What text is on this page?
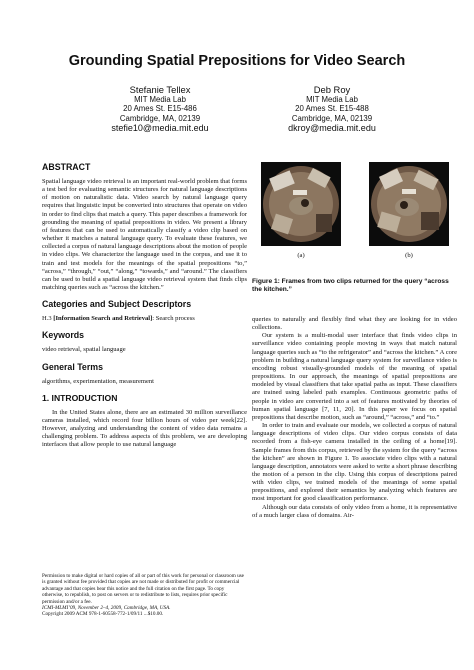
Grounding Spatial Prepositions for Video Search
Stefanie Tellex
MIT Media Lab
20 Ames St. E15-486
Cambridge, MA, 02139
stefie10@media.mit.edu
Deb Roy
MIT Media Lab
20 Ames St. E15-488
Cambridge, MA, 02139
dkroy@media.mit.edu
ABSTRACT

Spatial language video retrieval is an important real-world problem that forms a test bed for evaluating semantic structures for natural language descriptions of motion on naturalistic data. Video search by natural language query requires that linguistic input be converted into structures that operate on video in order to find clips that match a query. This paper describes a framework for grounding the meaning of spatial prepositions in video. We present a library of features that can be used to automatically classify a video clip based on whether it matches a natural language query. To evaluate these features, we collected a corpus of natural language descriptions about the motion of people in video clips. We characterize the language used in the corpus, and use it to train and test models for the meanings of the spatial prepositions “to,” “across,” “through,” “out,” “along,” “towards,” and “around.” The classifiers can be used to build a spatial language video retrieval system that finds clips matching queries such as “across the kitchen.”

Categories and Subject Descriptors

H.3 [Information Search and Retrieval]: Search process

Keywords

video retrieval, spatial language

General Terms

algorithms, experimentation, measurement

1. INTRODUCTION

In the United States alone, there are an estimated 30 million surveillance cameras installed, which record four billion hours of video per week[22]. However, analyzing and understanding the content of video data remains a challenging problem. To address aspects of this problem, we are developing interfaces that allow people to use natural language

Permission to make digital or hard copies of all or part of this work for personal or classroom use is granted without fee provided that copies are not made or distributed for profit or commercial advantage and that copies bear this notice and the full citation on the first page. To copy otherwise, to republish, to post on servers or to redistribute to lists, requires prior specific permission and/or a fee.

ICMI-MLMI’09, November 2–4, 2009, Cambridge, MA, USA.

Copyright 2009 ACM 978-1-60558-772-1/09/11 ...$10.00.

(a)	(b)
Figure 1: Frames from two clips returned for the query “across the kitchen.”

queries to naturally and flexibly find what they are looking for in video collections.

Our system is a multi-modal user interface that finds video clips in surveillance video containing people moving in ways that match natural language queries such as “to the refrigerator” and “across the kitchen.” A core problem in building a natural language query system for surveillance video is encoding robust visually-grounded models of the meaning of spatial prepositions. In our approach, the meanings of spatial prepositions are modeled by visual classifiers that take spatial paths as input. These classifiers are trained using labeled path examples. Continuous geometric paths of people in video are converted into a set of features motivated by theories of human spatial language [7, 11, 20]. In this paper we focus on spatial prepositions that describe motion, such as “around,” “across,” and “to.”

In order to train and evaluate our models, we collected a corpus of natural language descriptions of video clips. Our video corpus consists of data recorded from a fish-eye camera installed in the ceiling of a home[19]. Sample frames from this corpus, retrieved by the system for the query “across the kitchen” are shown in Figure 1. To associate video clips with a natural language description, annotators were asked to write a short phrase describing the motion of a person in the clip. Using this corpus of descriptions paired with video clips, we trained models of the meanings of some spatial prepositions, and explored their semantics by analyzing which features are most important for good classification performance.

Although our data consists of only video from a home, it is representative of a much larger class of domains. Air-
